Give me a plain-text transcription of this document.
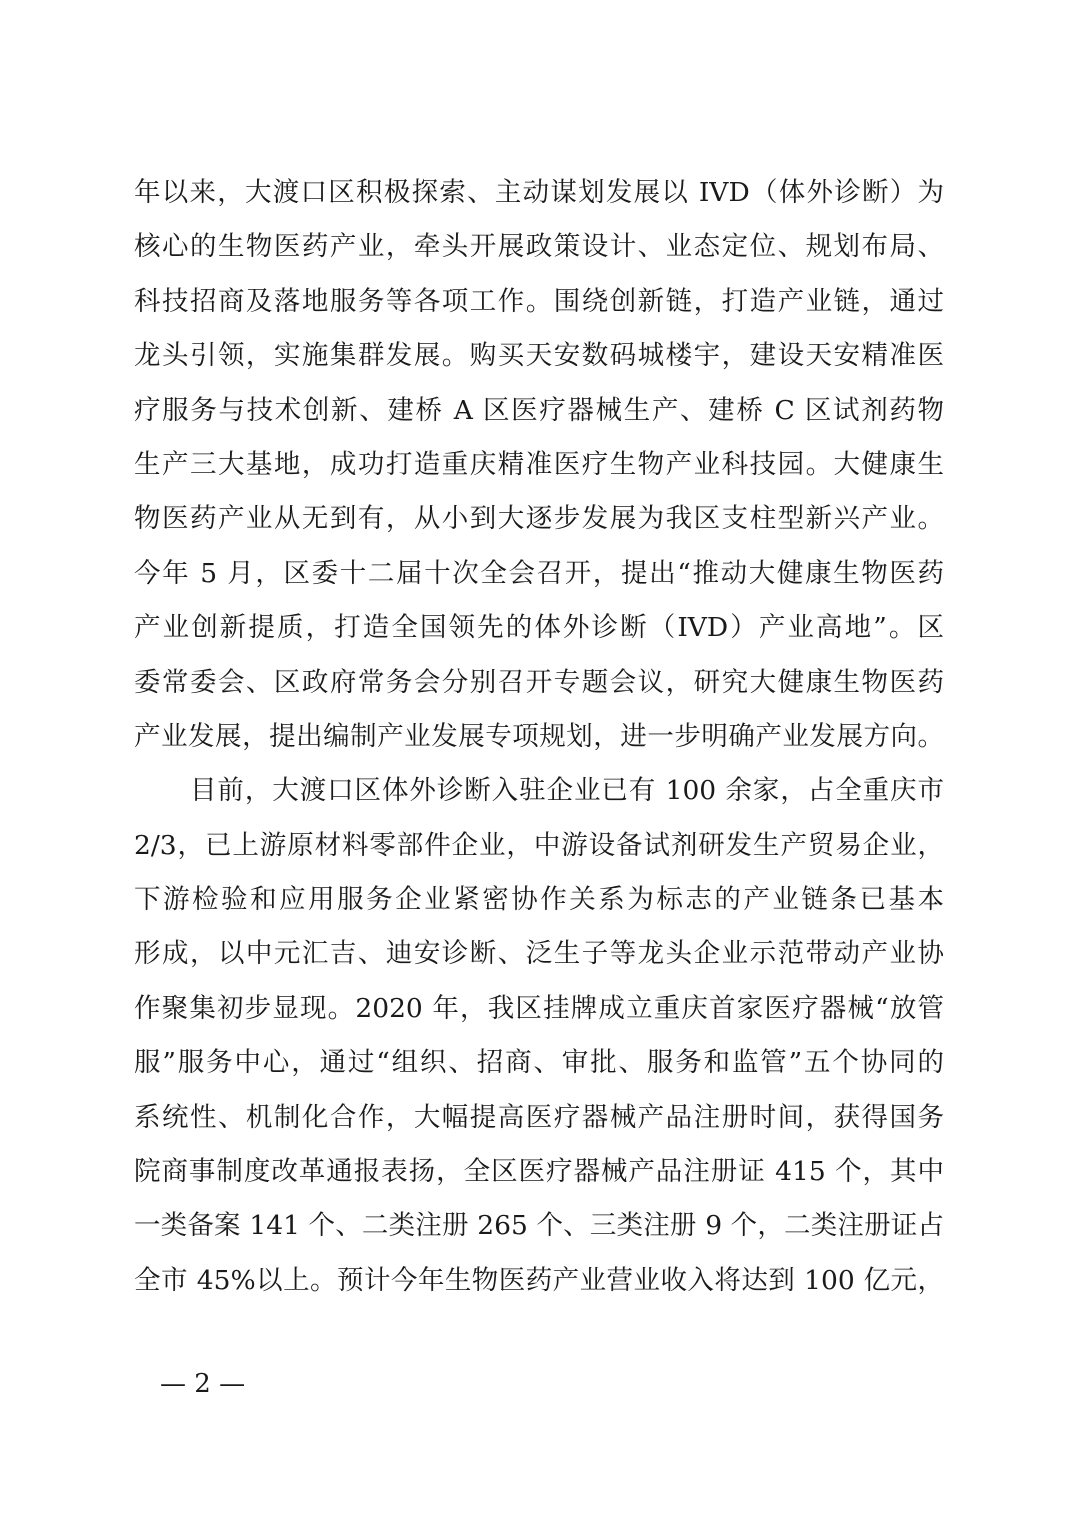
年以来，大渡口区积极探索、主动谋划发展以 IVD（体外诊断）为
核心的生物医药产业，牵头开展政策设计、业态定位、规划布局、
科技招商及落地服务等各项工作。围绕创新链，打造产业链，通过
龙头引领，实施集群发展。购买天安数码城楼宇，建设天安精准医
疗服务与技术创新、建桥 A 区医疗器械生产、建桥 C 区试剂药物
生产三大基地，成功打造重庆精准医疗生物产业科技园。大健康生
物医药产业从无到有，从小到大逐步发展为我区支柱型新兴产业。
今年 5 月，区委十二届十次全会召开，提出“推动大健康生物医药
产业创新提质，打造全国领先的体外诊断（IVD）产业高地”。区
委常委会、区政府常务会分别召开专题会议，研究大健康生物医药
产业发展，提出编制产业发展专项规划，进一步明确产业发展方向。
目前，大渡口区体外诊断入驻企业已有 100 余家，占全重庆市
2/3，已上游原材料零部件企业，中游设备试剂研发生产贸易企业，
下游检验和应用服务企业紧密协作关系为标志的产业链条已基本
形成，以中元汇吉、迪安诊断、泛生子等龙头企业示范带动产业协
作聚集初步显现。2020 年，我区挂牌成立重庆首家医疗器械“放管
服”服务中心，通过“组织、招商、审批、服务和监管”五个协同的
系统性、机制化合作，大幅提高医疗器械产品注册时间，获得国务
院商事制度改革通报表扬，全区医疗器械产品注册证 415 个，其中
一类备案 141 个、二类注册 265 个、三类注册 9 个，二类注册证占
全市 45%以上。预计今年生物医药产业营业收入将达到 100 亿元，
— 2 —
